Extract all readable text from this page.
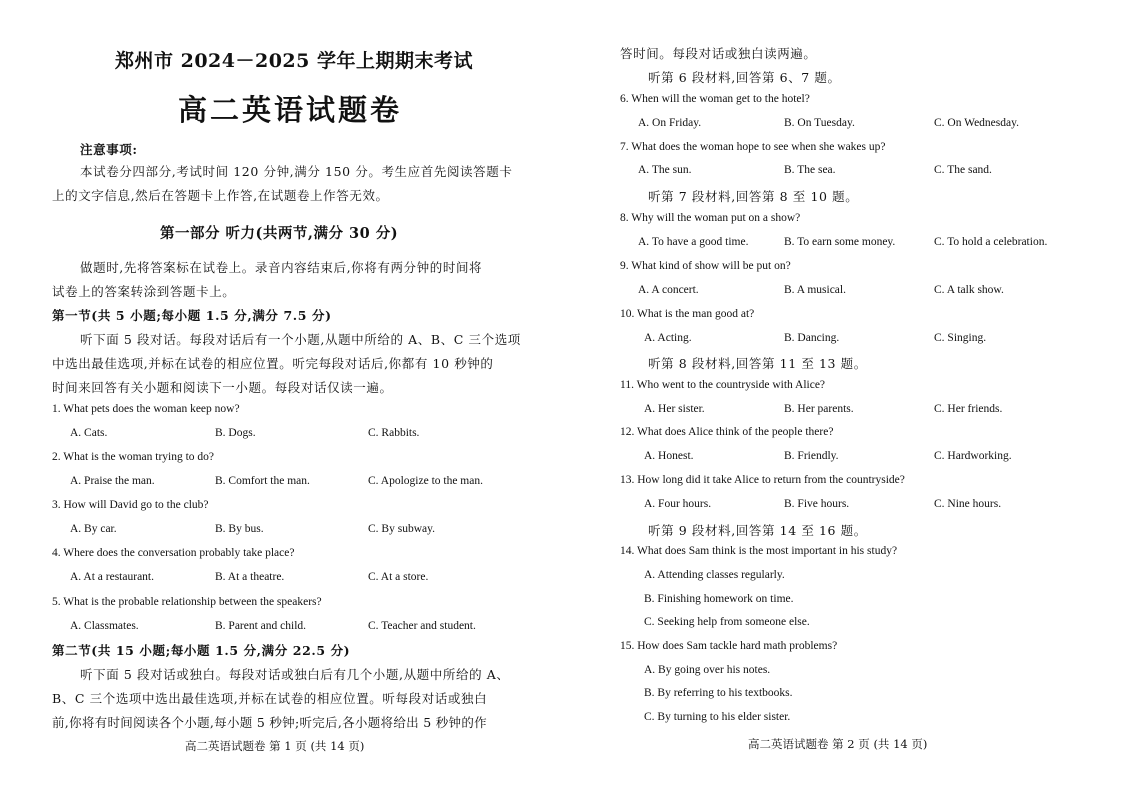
郑州市 2024－2025 学年上期期末考试
高二英语试题卷
注意事项:
本试卷分四部分,考试时间 120 分钟,满分 150 分。考生应首先阅读答题卡
上的文字信息,然后在答题卡上作答,在试题卷上作答无效。
第一部分 听力(共两节,满分 30 分)
做题时,先将答案标在试卷上。录音内容结束后,你将有两分钟的时间将
试卷上的答案转涂到答题卡上。
第一节(共 5 小题;每小题 1.5 分,满分 7.5 分)
听下面 5 段对话。每段对话后有一个小题,从题中所给的 A、B、C 三个选项
中选出最佳选项,并标在试卷的相应位置。听完每段对话后,你都有 10 秒钟的
时间来回答有关小题和阅读下一小题。每段对话仅读一遍。
1. What pets does the woman keep now?
A. Cats.	B. Dogs.	C. Rabbits.
2. What is the woman trying to do?
A. Praise the man.	B. Comfort the man.	C. Apologize to the man.
3. How will David go to the club?
A. By car.	B. By bus.	C. By subway.
4. Where does the conversation probably take place?
A. At a restaurant.	B. At a theatre.	C. At a store.
5. What is the probable relationship between the speakers?
A. Classmates.	B. Parent and child.	C. Teacher and student.
第二节(共 15 小题;每小题 1.5 分,满分 22.5 分)
听下面 5 段对话或独白。每段对话或独白后有几个小题,从题中所给的 A、
B、C 三个选项中选出最佳选项,并标在试卷的相应位置。听每段对话或独白
前,你将有时间阅读各个小题,每小题 5 秒钟;听完后,各小题将给出 5 秒钟的作
高二英语试题卷 第 1 页 (共 14 页)
答时间。每段对话或独白读两遍。
听第 6 段材料,回答第 6、7 题。
6. When will the woman get to the hotel?
A. On Friday.	B. On Tuesday.	C. On Wednesday.
7. What does the woman hope to see when she wakes up?
A. The sun.	B. The sea.	C. The sand.
听第 7 段材料,回答第 8 至 10 题。
8. Why will the woman put on a show?
A. To have a good time.	B. To earn some money.	C. To hold a celebration.
9. What kind of show will be put on?
A. A concert.	B. A musical.	C. A talk show.
10. What is the man good at?
A. Acting.	B. Dancing.	C. Singing.
听第 8 段材料,回答第 11 至 13 题。
11. Who went to the countryside with Alice?
A. Her sister.	B. Her parents.	C. Her friends.
12. What does Alice think of the people there?
A. Honest.	B. Friendly.	C. Hardworking.
13. How long did it take Alice to return from the countryside?
A. Four hours.	B. Five hours.	C. Nine hours.
听第 9 段材料,回答第 14 至 16 题。
14. What does Sam think is the most important in his study?
A. Attending classes regularly.
B. Finishing homework on time.
C. Seeking help from someone else.
15. How does Sam tackle hard math problems?
A. By going over his notes.
B. By referring to his textbooks.
C. By turning to his elder sister.
高二英语试题卷 第 2 页 (共 14 页)
